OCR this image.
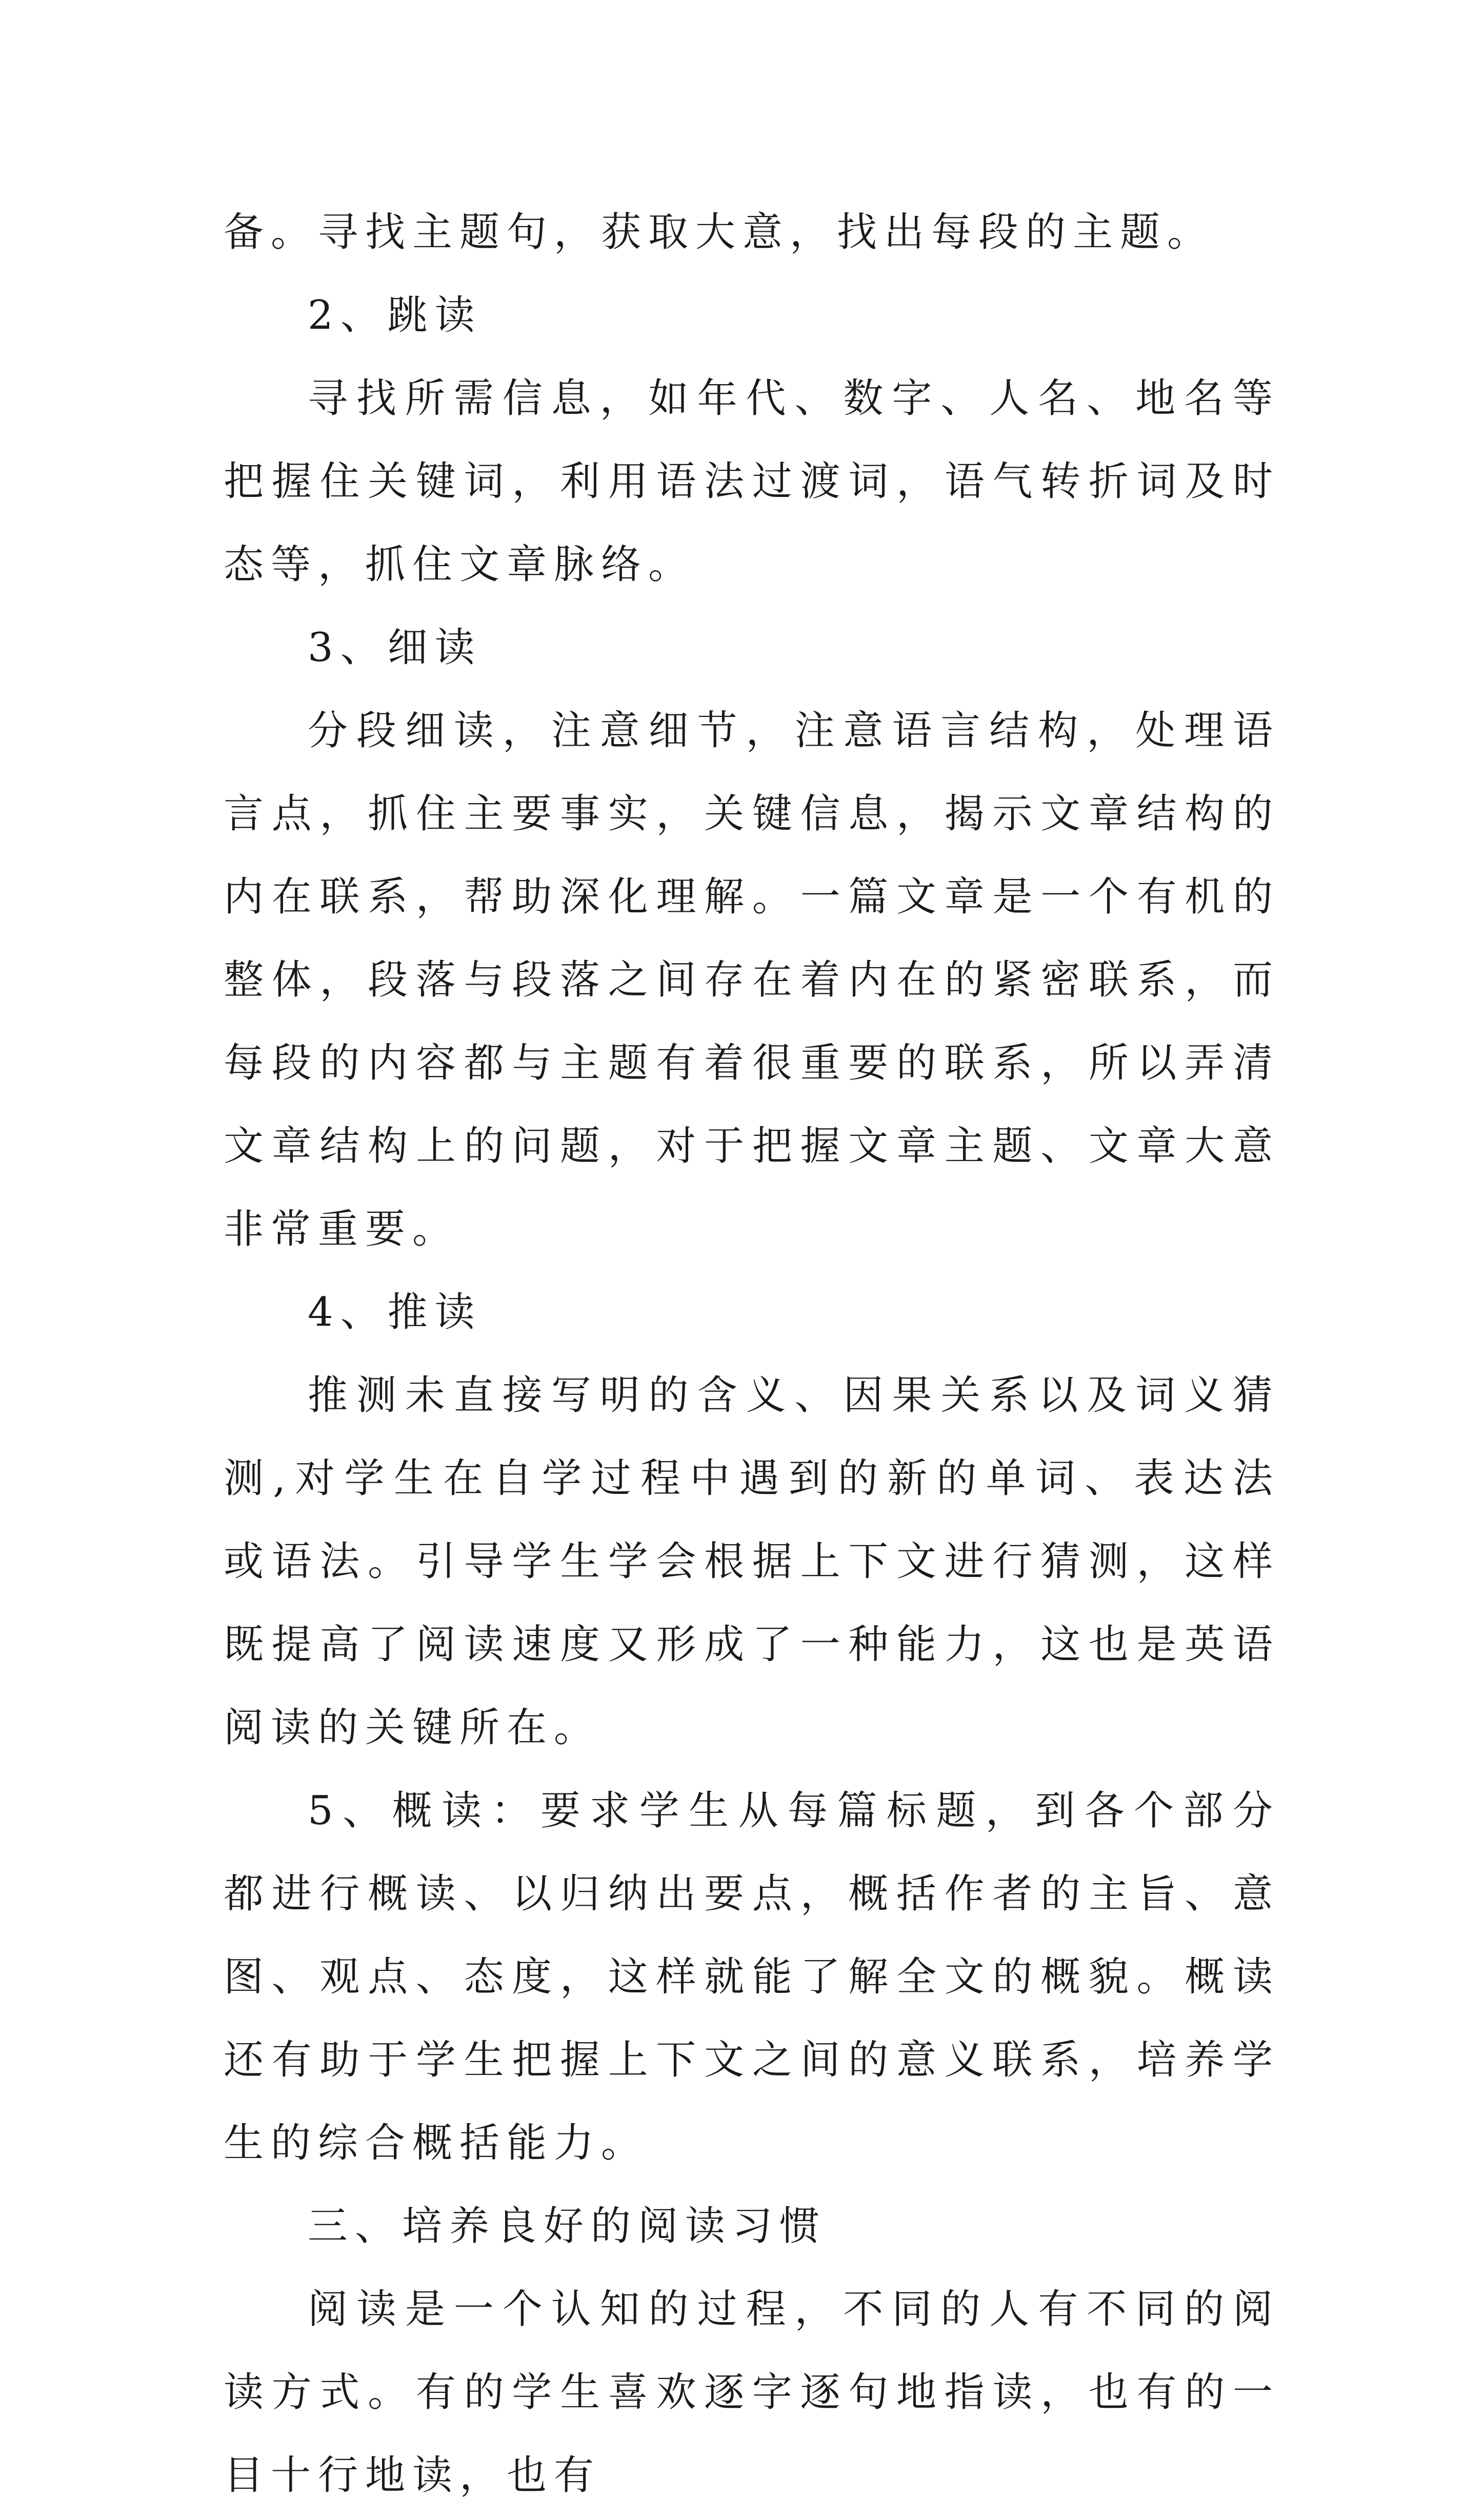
备。寻找主题句，获取大意，找出每段的主题。

2、跳读

寻找所需信息，如年代、数字、人名、地名等把握住关键词，利用语法过渡词，语气转折词及时态等，抓住文章脉络。

3、细读

分段细读，注意细节，注意语言结构，处理语言点，抓住主要事实，关键信息，揭示文章结构的内在联系，帮助深化理解。一篇文章是一个有机的整体，段落与段落之间存在着内在的紧密联系，而每段的内容都与主题有着很重要的联系，所以弄清文章结构上的问题，对于把握文章主题、文章大意非常重要。

4、推读

推测未直接写明的含义、因果关系以及词义猜测,对学生在自学过程中遇到的新的单词、表达法或语法。引导学生学会根据上下文进行猜测，这样既提高了阅读速度又形成了一种能力，这也是英语阅读的关键所在。

5、概读：要求学生从每篇标题，到各个部分都进行概读、以归纳出要点，概括作者的主旨、意图、观点、态度，这样就能了解全文的概貌。概读还有助于学生把握上下文之间的意义联系，培养学生的综合概括能力。

三、培养良好的阅读习惯

阅读是一个认知的过程，不同的人有不同的阅读方式。有的学生喜欢逐字逐句地指读，也有的一目十行地读，也有
